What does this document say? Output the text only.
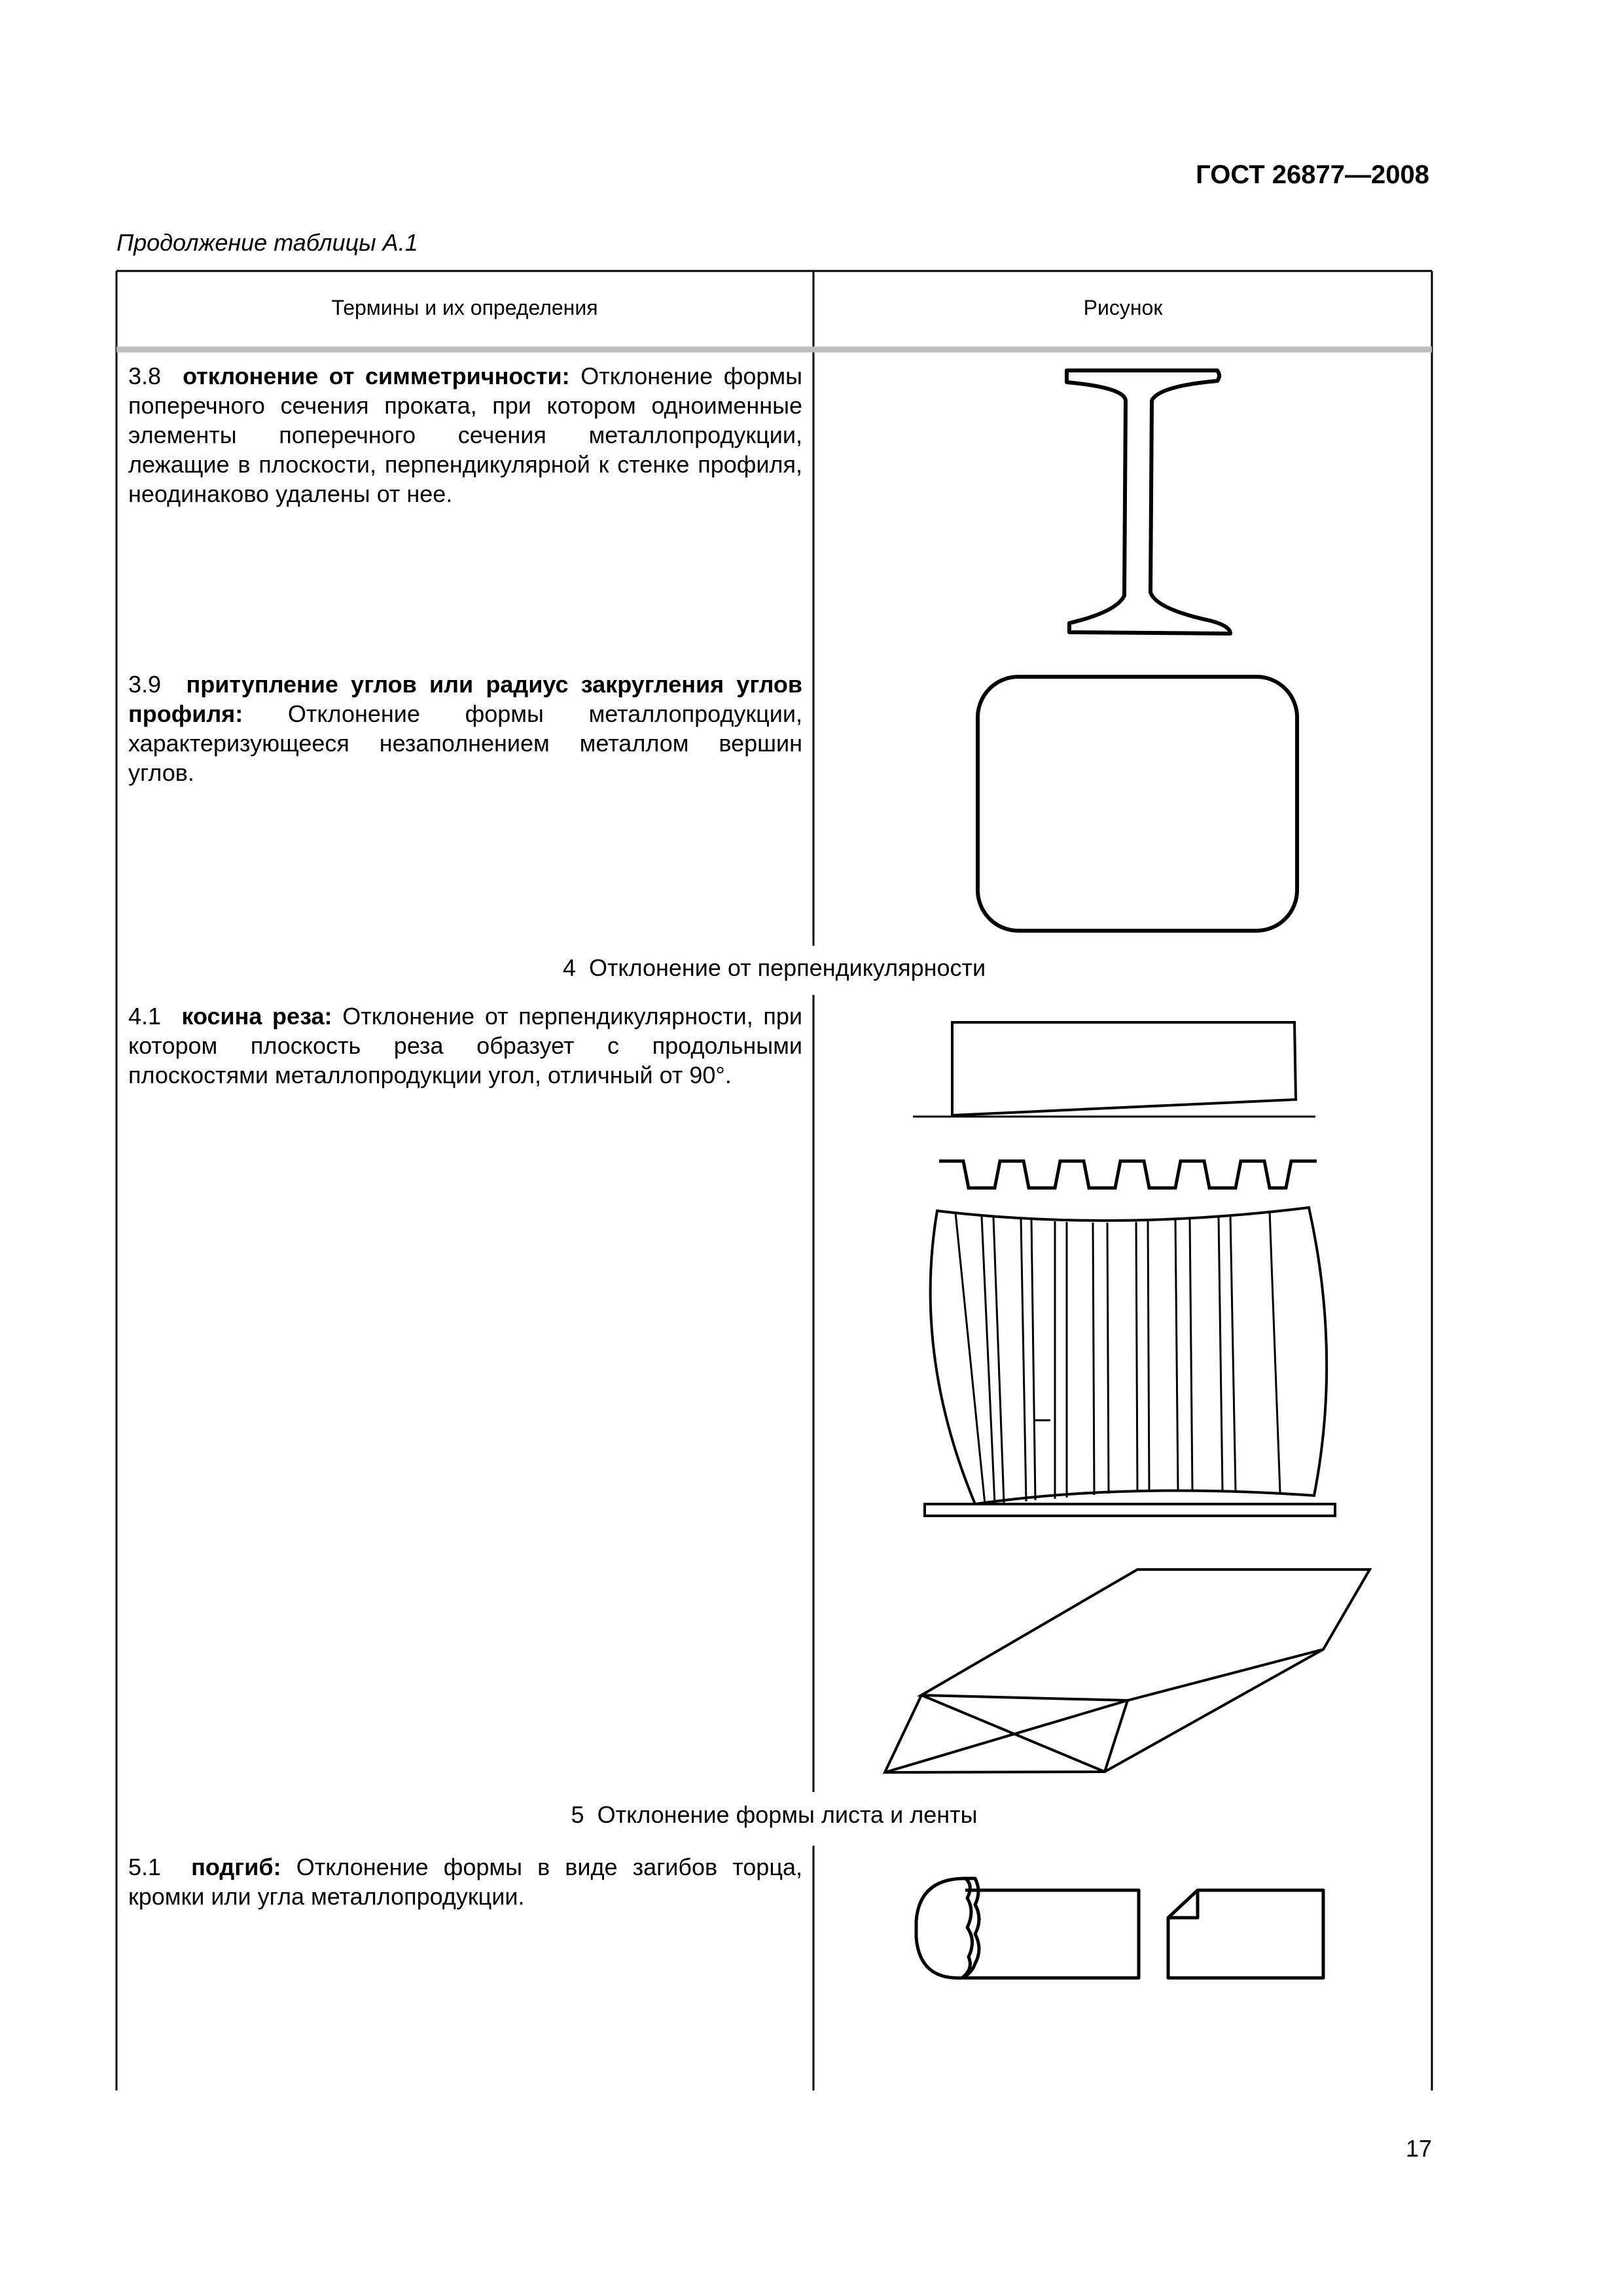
ГОСТ 26877—2008
Продолжение таблицы А.1
Термины и их определения	Рисунок
3.8 отклонение от симметричности: Отклонение формы поперечного сечения проката, при котором одноименные элементы поперечного сечения металлопродукции, лежащие в плоскости, перпендикулярной к стенке профиля, неодинаково удалены от нее.
3.9 притупление углов или радиус закругления углов профиля: Отклонение формы металлопродукции, характеризующееся незаполнением металлом вершин углов.
4 Отклонение от перпендикулярности
4.1 косина реза: Отклонение от перпендикулярности, при котором плоскость реза образует с продольными плоскостями металлопродукции угол, отличный от 90°.
5 Отклонение формы листа и ленты
5.1 подгиб: Отклонение формы в виде загибов торца, кромки или угла металлопродукции.
17
